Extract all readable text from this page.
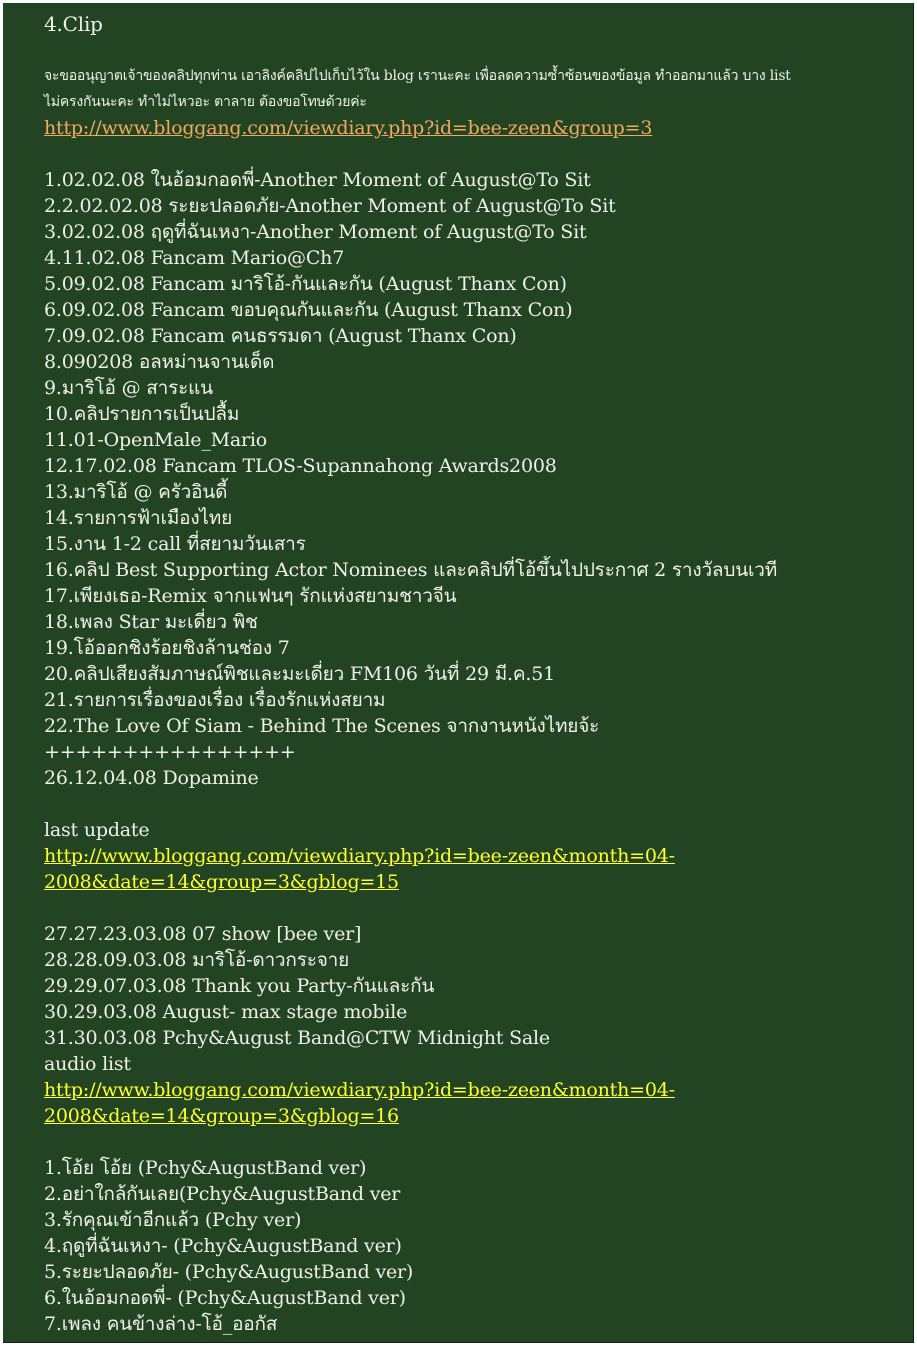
4.Clip
จะขออนุญาตเจ้าของคลิปทุกท่าน เอาลิงค์คลิปไปเก็บไว้ใน blog เรานะคะ เพื่อลดความซ้ำซ้อนของข้อมูล ทำออกมาแล้ว บาง list
ไม่ครงกันนะคะ ทำไม่ไหวอะ ตาลาย ต้องขอโทษด้วยค่ะ
http://www.bloggang.com/viewdiary.php?id=bee-zeen&group=3
1.02.02.08 ในอ้อมกอดพี่-Another Moment of August@To Sit
2.2.02.02.08 ระยะปลอดภัย-Another Moment of August@To Sit
3.02.02.08 ฤดูที่ฉันเหงา-Another Moment of August@To Sit
4.11.02.08 Fancam Mario@Ch7
5.09.02.08 Fancam มาริโอ้-กันและกัน (August Thanx Con)
6.09.02.08 Fancam ขอบคุณกันและกัน (August Thanx Con)
7.09.02.08 Fancam คนธรรมดา (August Thanx Con)
8.090208 อลหม่านจานเด็ด
9.มาริโอ้ @ สาระแน
10.คลิปรายการเป็นปลื้ม
11.01-OpenMale_Mario
12.17.02.08 Fancam TLOS-Supannahong Awards2008
13.มาริโอ้ @ ครัวอินดี้
14.รายการฟ้าเมืองไทย
15.งาน 1-2 call ที่สยามวันเสาร
16.คลิป Best Supporting Actor Nominees และคลิปที่โอ้ขึ้นไปประกาศ 2 รางวัลบนเวที
17.เพียงเธอ-Remix จากแฟนๆ รักแห่งสยามชาวจีน
18.เพลง Star มะเดี่ยว พิช
19.โอ้ออกชิงร้อยชิงล้านช่อง 7
20.คลิปเสียงสัมภาษณ์พิชและมะเดี่ยว FM106 วันที่ 29 มี.ค.51
21.รายการเรื่องของเรื่อง เรื่องรักแห่งสยาม
22.The Love Of Siam - Behind The Scenes จากงานหนังไทยจ้ะ
++++++++++++++++
26.12.04.08 Dopamine
last update
http://www.bloggang.com/viewdiary.php?id=bee-zeen&month=04-
2008&date=14&group=3&gblog=15
27.27.23.03.08 07 show [bee ver]
28.28.09.03.08 มาริโอ้-ดาวกระจาย
29.29.07.03.08 Thank you Party-กันและกัน
30.29.03.08 August- max stage mobile
31.30.03.08 Pchy&August Band@CTW Midnight Sale
audio list
http://www.bloggang.com/viewdiary.php?id=bee-zeen&month=04-
2008&date=14&group=3&gblog=16
1.โอ้ย โอ้ย (Pchy&AugustBand ver)
2.อย่าใกล้กันเลย(Pchy&AugustBand ver
3.รักคุณเข้าอีกแล้ว (Pchy ver)
4.ฤดูที่ฉันเหงา- (Pchy&AugustBand ver)
5.ระยะปลอดภัย- (Pchy&AugustBand ver)
6.ในอ้อมกอดพี่- (Pchy&AugustBand ver)
7.เพลง คนข้างล่าง-โอ้_ออกัส
